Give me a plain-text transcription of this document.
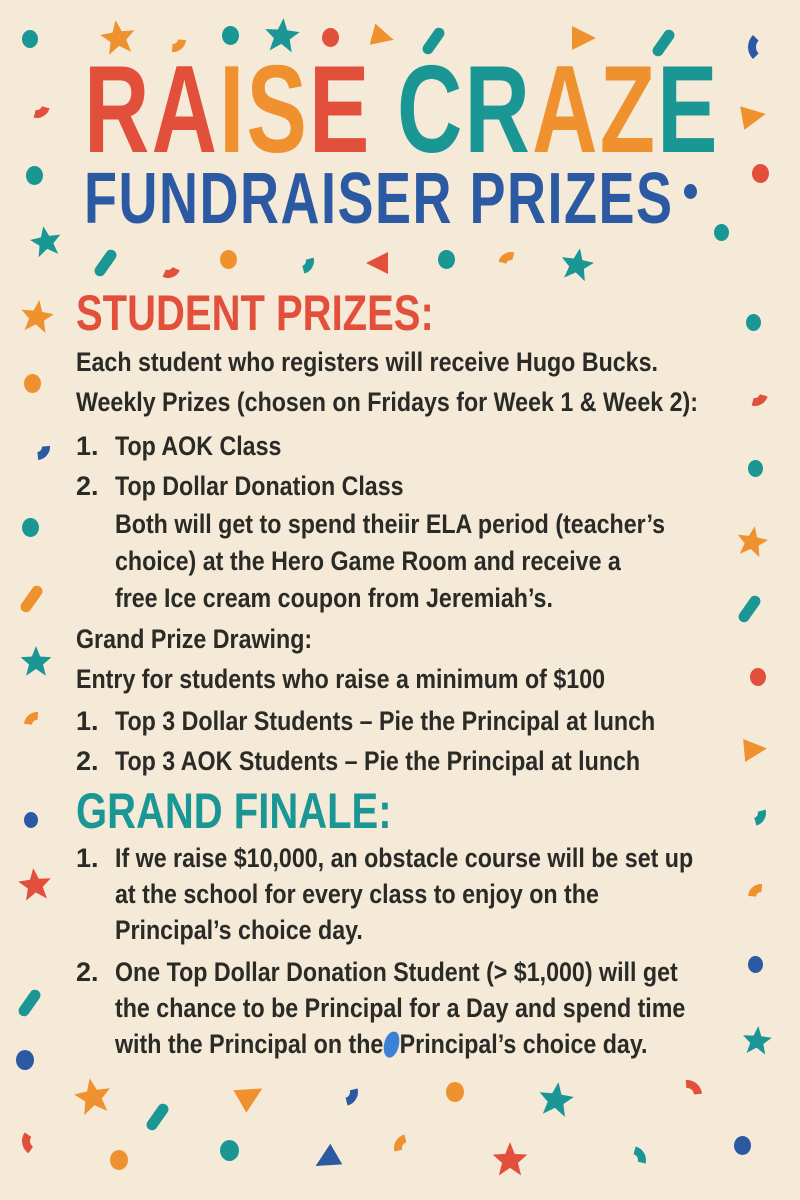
RAISE CRAZE
FUNDRAISER PRIZES
STUDENT PRIZES:
Each student who registers will receive Hugo Bucks.
Weekly Prizes (chosen on Fridays for Week 1 & Week 2):
1. Top AOK Class
2. Top Dollar Donation Class
Both will get to spend theiir ELA period (teacher’s
choice) at the Hero Game Room and receive a
free Ice cream coupon from Jeremiah’s.
Grand Prize Drawing:
Entry for students who raise a minimum of $100
1. Top 3 Dollar Students – Pie the Principal at lunch
2. Top 3 AOK Students – Pie the Principal at lunch
GRAND FINALE:
1. If we raise $10,000, an obstacle course will be set up
at the school for every class to enjoy on the
Principal’s choice day.
2. One Top Dollar Donation Student (> $1,000) will get
the chance to be Principal for a Day and spend time
with the Principal on the Principal’s choice day.
